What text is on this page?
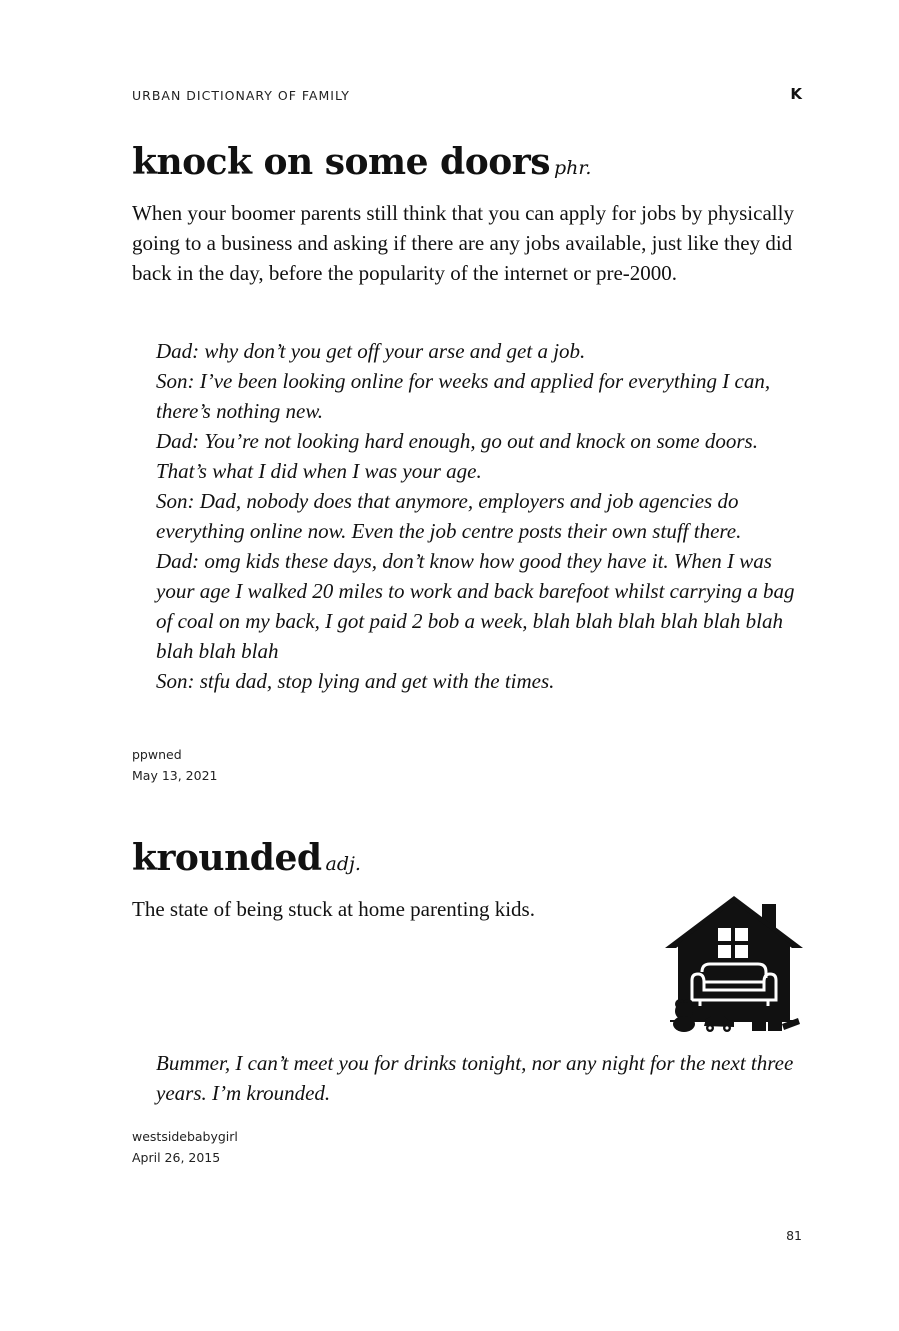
URBAN DICTIONARY OF FAMILY	K
knock on some doors phr.

When your boomer parents still think that you can apply for jobs by physically going to a business and asking if there are any jobs available, just like they did back in the day, before the popularity of the internet or pre-2000.

Dad: why don’t you get off your arse and get a job.
Son: I’ve been looking online for weeks and applied for everything I can, there’s nothing new.
Dad: You’re not looking hard enough, go out and knock on some doors. That’s what I did when I was your age.
Son: Dad, nobody does that anymore, employers and job agencies do everything online now. Even the job centre posts their own stuff there.
Dad: omg kids these days, don’t know how good they have it. When I was your age I walked 20 miles to work and back barefoot whilst carrying a bag of coal on my back, I got paid 2 bob a week, blah blah blah blah blah blah blah blah blah
Son: stfu dad, stop lying and get with the times.
ppwned
May 13, 2021
krounded adj.

The state of being stuck at home parenting kids.

Bummer, I can’t meet you for drinks tonight, nor any night for the next three years. I’m krounded.
westsidebabygirl
April 26, 2015
81
